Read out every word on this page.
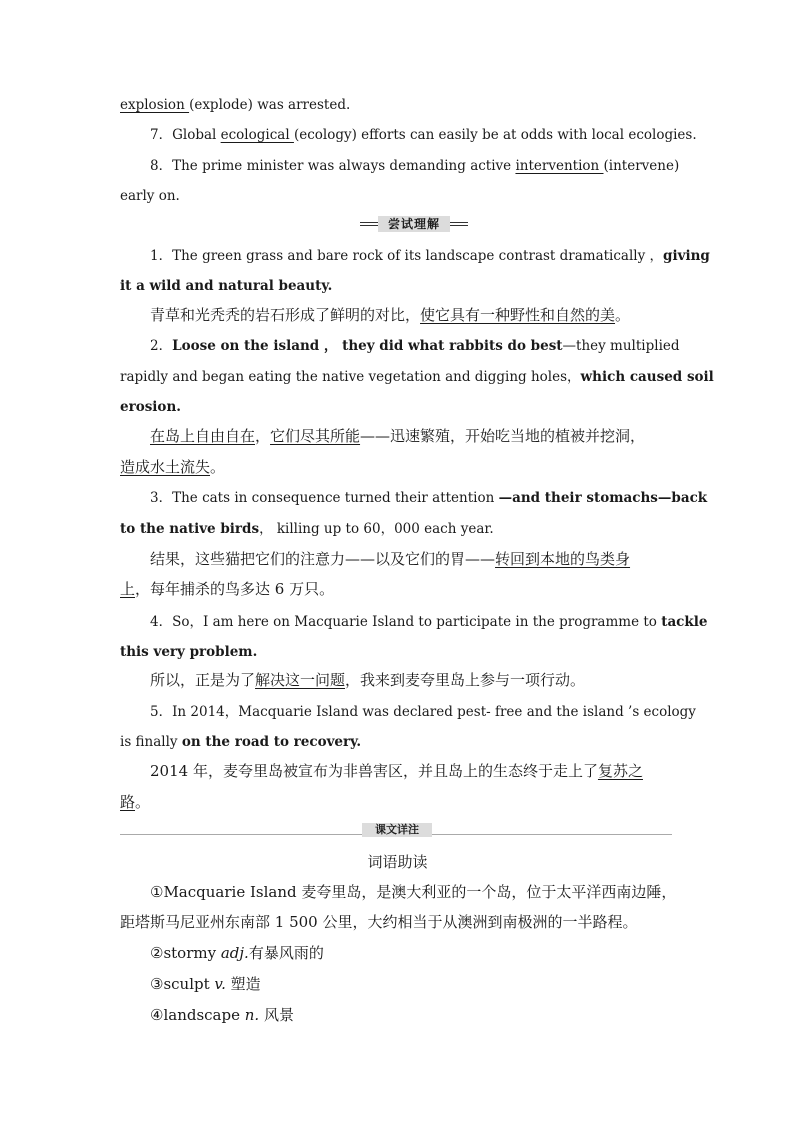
explosion (explode) was arrested.
7．Global ecological (ecology) efforts can easily be at odds with local ecologies.
8．The prime minister was always demanding active intervention (intervene)
early on.
尝试理解
1．The green grass and bare rock of its landscape contrast dramatically ，giving
it a wild and natural beauty.
青草和光秃秃的岩石形成了鲜明的对比，使它具有一种野性和自然的美。
2．Loose on the island ， they did what rabbits do best—they multiplied
rapidly and began eating the native vegetation and digging holes，which caused soil
erosion.
在岛上自由自在，它们尽其所能——迅速繁殖，开始吃当地的植被并挖洞，
造成水土流失。
3．The cats in consequence turned their attention —and their stomachs—back
to the native birds， killing up to 60，000 each year.
结果，这些猫把它们的注意力——以及它们的胃——转回到本地的鸟类身
上，每年捕杀的鸟多达 6 万只。
4．So，I am here on Macquarie Island to participate in the programme to tackle
this very problem.
所以，正是为了解决这一问题，我来到麦夸里岛上参与一项行动。
5．In 2014，Macquarie Island was declared pest- free and the island ’s ecology
is finally on the road to recovery.
2014 年，麦夸里岛被宣布为非兽害区，并且岛上的生态终于走上了复苏之
路。
课文详注
词语助读
①Macquarie Island 麦夸里岛，是澳大利亚的一个岛，位于太平洋西南边陲，
距塔斯马尼亚州东南部 1 500 公里，大约相当于从澳洲到南极洲的一半路程。
②stormy adj.有暴风雨的
③sculpt v. 塑造
④landscape n. 风景
